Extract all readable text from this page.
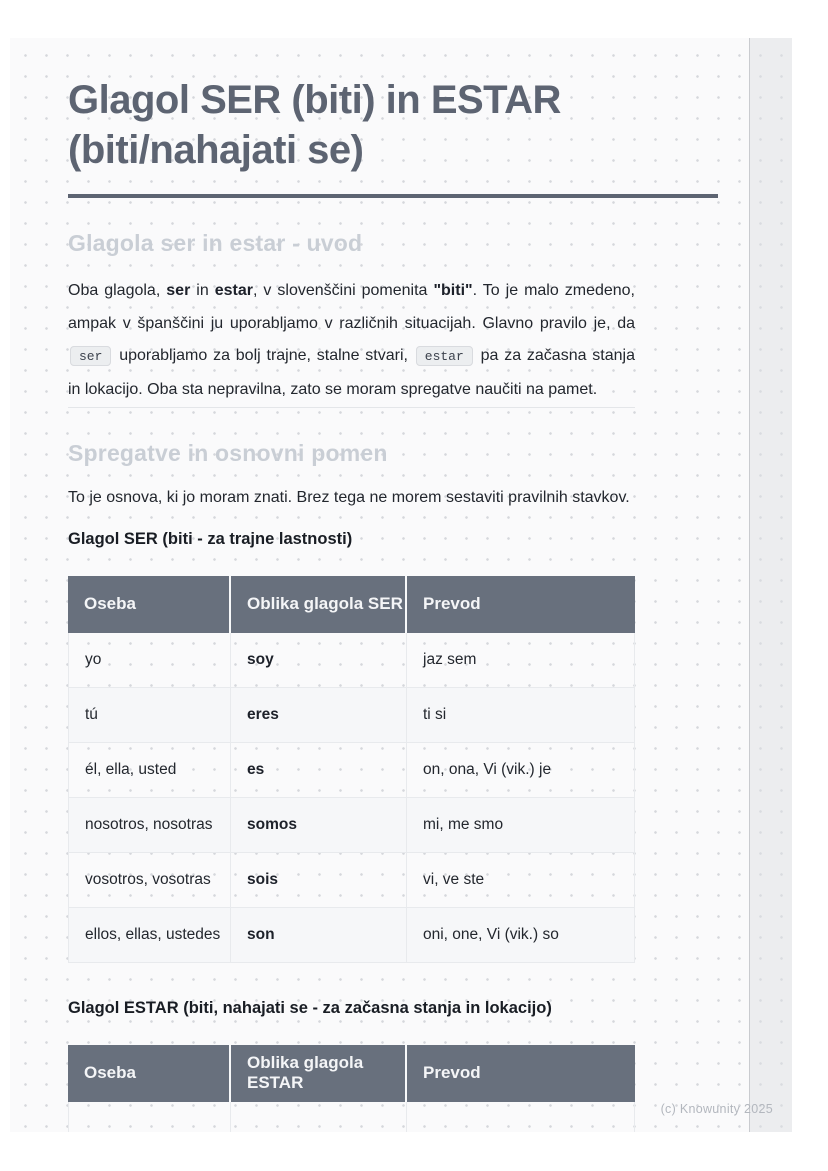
Glagol SER (biti) in ESTAR
(biti/nahajati se)
Glagola ser in estar - uvod

Oba glagola, ser in estar, v slovenščini pomenita "biti". To je malo zmedeno, ampak v španščini ju uporabljamo v različnih situacijah. Glavno pravilo je, da ser uporabljamo za bolj trajne, stalne stvari, estar pa za začasna stanja in lokacijo. Oba sta nepravilna, zato se moram spregatve naučiti na pamet.

Spregatve in osnovni pomen

To je osnova, ki jo moram znati. Brez tega ne morem sestaviti pravilnih stavkov.

Glagol SER (biti - za trajne lastnosti)
Oseba	Oblika glagola SER	Prevod
yo	soy	jaz sem
tú	eres	ti si
él, ella, usted	es	on, ona, Vi (vik.) je
nosotros, nosotras	somos	mi, me smo
vosotros, vosotras	sois	vi, ve ste
ellos, ellas, ustedes	son	oni, one, Vi (vik.) so
Glagol ESTAR (biti, nahajati se - za začasna stanja in lokacijo)
Oseba	Oblika glagola ESTAR	Prevod

(c) Knowunity 2025
